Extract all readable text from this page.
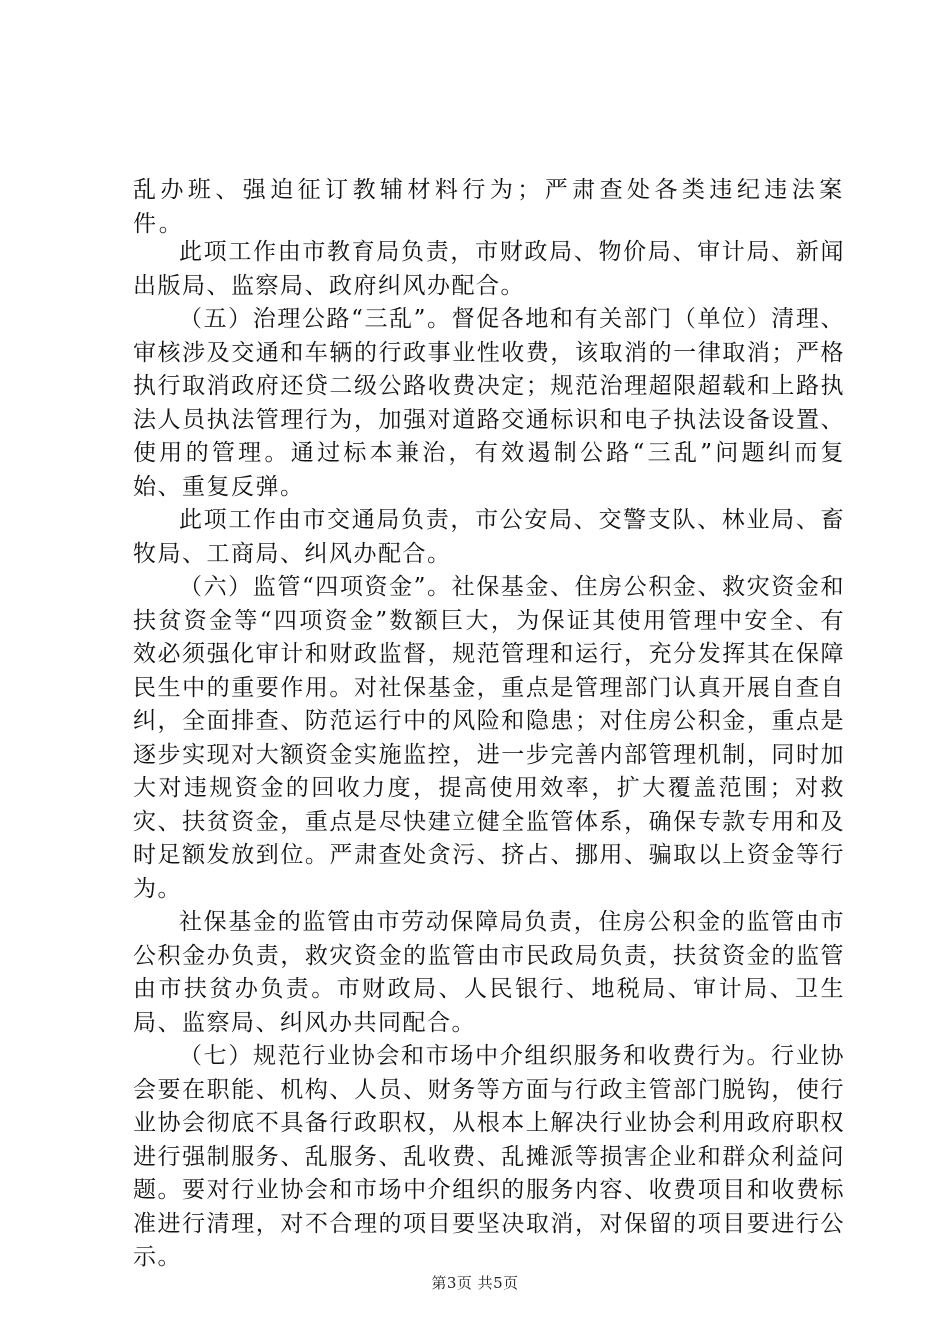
乱办班、强迫征订教辅材料行为；严肃查处各类违纪违法案件。

此项工作由市教育局负责，市财政局、物价局、审计局、新闻出版局、监察局、政府纠风办配合。

（五）治理公路“三乱”。督促各地和有关部门（单位）清理、审核涉及交通和车辆的行政事业性收费，该取消的一律取消；严格执行取消政府还贷二级公路收费决定；规范治理超限超载和上路执法人员执法管理行为，加强对道路交通标识和电子执法设备设置、使用的管理。通过标本兼治，有效遏制公路“三乱”问题纠而复始、重复反弹。

此项工作由市交通局负责，市公安局、交警支队、林业局、畜牧局、工商局、纠风办配合。

（六）监管“四项资金”。社保基金、住房公积金、救灾资金和扶贫资金等“四项资金”数额巨大，为保证其使用管理中安全、有效必须强化审计和财政监督，规范管理和运行，充分发挥其在保障民生中的重要作用。对社保基金，重点是管理部门认真开展自查自纠，全面排查、防范运行中的风险和隐患；对住房公积金，重点是逐步实现对大额资金实施监控，进一步完善内部管理机制，同时加大对违规资金的回收力度，提高使用效率，扩大覆盖范围；对救灾、扶贫资金，重点是尽快建立健全监管体系，确保专款专用和及时足额发放到位。严肃查处贪污、挤占、挪用、骗取以上资金等行为。

社保基金的监管由市劳动保障局负责，住房公积金的监管由市公积金办负责，救灾资金的监管由市民政局负责，扶贫资金的监管由市扶贫办负责。市财政局、人民银行、地税局、审计局、卫生局、监察局、纠风办共同配合。

（七）规范行业协会和市场中介组织服务和收费行为。行业协会要在职能、机构、人员、财务等方面与行政主管部门脱钩，使行业协会彻底不具备行政职权，从根本上解决行业协会利用政府职权进行强制服务、乱服务、乱收费、乱摊派等损害企业和群众利益问题。要对行业协会和市场中介组织的服务内容、收费项目和收费标准进行清理，对不合理的项目要坚决取消，对保留的项目要进行公示。

第3页 共5页
